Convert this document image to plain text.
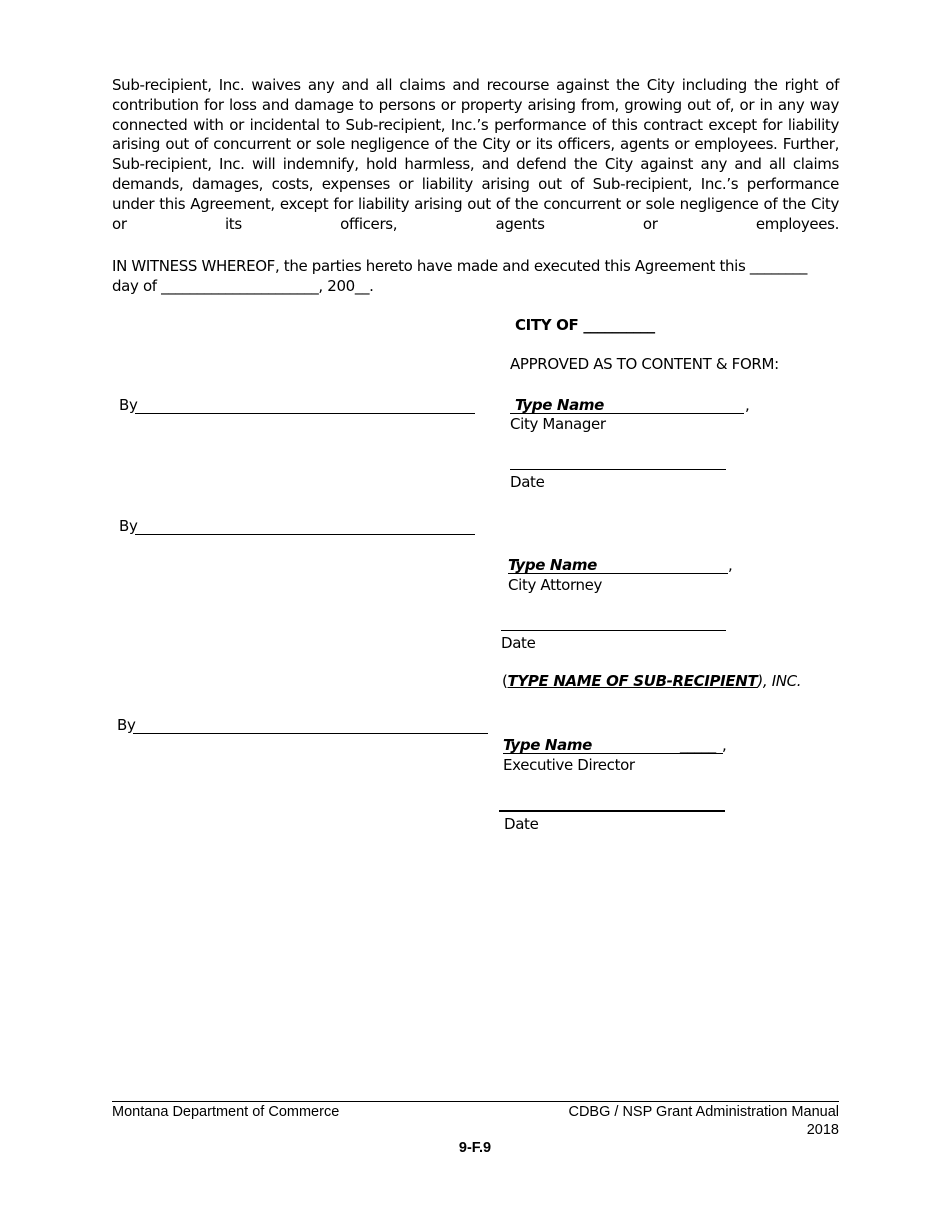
Sub-recipient, Inc. waives any and all claims and recourse against the City including the right of contribution for loss and damage to persons or property arising from, growing out of, or in any way connected with or incidental to Sub-recipient, Inc.’s performance of this contract except for liability arising out of concurrent or sole negligence of the City or its officers, agents or employees. Further, Sub-recipient, Inc. will indemnify, hold harmless, and defend the City against any and all claims demands, damages, costs, expenses or liability arising out of Sub-recipient, Inc.’s performance under this Agreement, except for liability arising out of the concurrent or sole negligence of the City or its officers, agents or employees.

IN WITNESS WHEREOF, the parties hereto have made and executed this Agreement this ________
day of ______________________, 200__.
CITY OF __________
APPROVED AS TO CONTENT & FORM:
By	Type Name	,
City Manager
Date
By
Type Name	,
City Attorney
Date
(TYPE NAME OF SUB-RECIPIENT), INC.
By
Type Name	_____ ,
Executive Director
Date
Montana Department of Commerce	CDBG / NSP Grant Administration Manual
2018
9-F.9
